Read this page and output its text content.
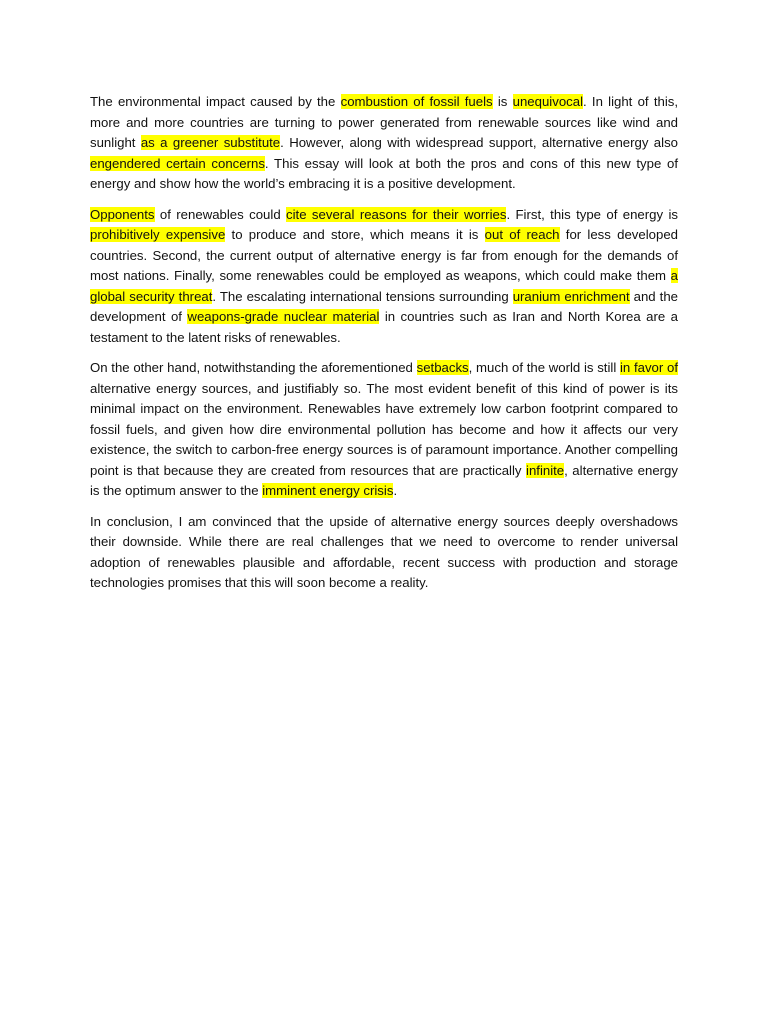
The environmental impact caused by the combustion of fossil fuels is unequivocal. In light of this, more and more countries are turning to power generated from renewable sources like wind and sunlight as a greener substitute. However, along with widespread support, alternative energy also engendered certain concerns. This essay will look at both the pros and cons of this new type of energy and show how the world’s embracing it is a positive development.

Opponents of renewables could cite several reasons for their worries. First, this type of energy is prohibitively expensive to produce and store, which means it is out of reach for less developed countries. Second, the current output of alternative energy is far from enough for the demands of most nations. Finally, some renewables could be employed as weapons, which could make them a global security threat. The escalating international tensions surrounding uranium enrichment and the development of weapons-grade nuclear material in countries such as Iran and North Korea are a testament to the latent risks of renewables.

On the other hand, notwithstanding the aforementioned setbacks, much of the world is still in favor of alternative energy sources, and justifiably so. The most evident benefit of this kind of power is its minimal impact on the environment. Renewables have extremely low carbon footprint compared to fossil fuels, and given how dire environmental pollution has become and how it affects our very existence, the switch to carbon-free energy sources is of paramount importance. Another compelling point is that because they are created from resources that are practically infinite, alternative energy is the optimum answer to the imminent energy crisis.

In conclusion, I am convinced that the upside of alternative energy sources deeply overshadows their downside. While there are real challenges that we need to overcome to render universal adoption of renewables plausible and affordable, recent success with production and storage technologies promises that this will soon become a reality.
